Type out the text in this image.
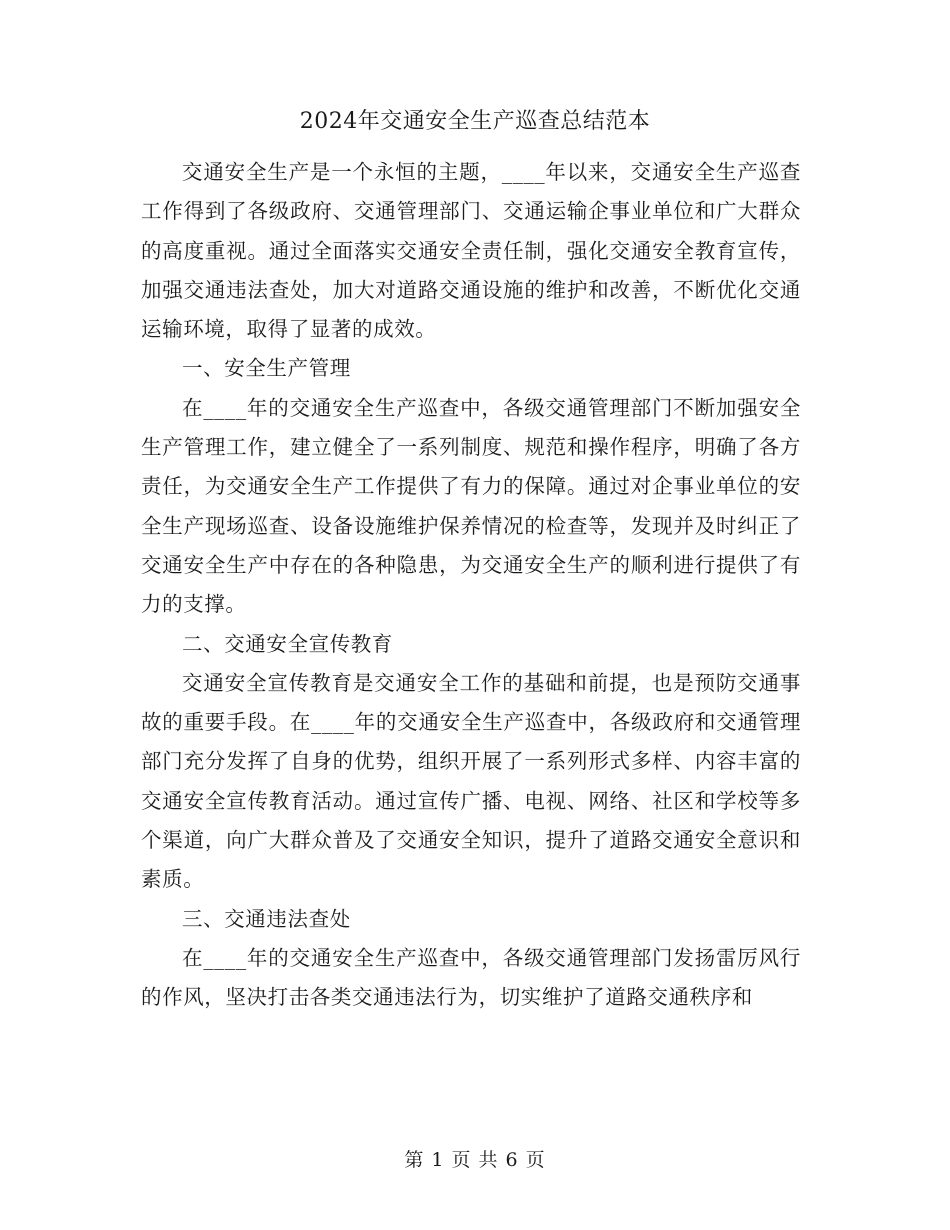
2024年交通安全生产巡查总结范本

交通安全生产是一个永恒的主题，____年以来，交通安全生产巡查工作得到了各级政府、交通管理部门、交通运输企事业单位和广大群众的高度重视。通过全面落实交通安全责任制，强化交通安全教育宣传，加强交通违法查处，加大对道路交通设施的维护和改善，不断优化交通运输环境，取得了显著的成效。

一、安全生产管理

在____年的交通安全生产巡查中，各级交通管理部门不断加强安全生产管理工作，建立健全了一系列制度、规范和操作程序，明确了各方责任，为交通安全生产工作提供了有力的保障。通过对企事业单位的安全生产现场巡查、设备设施维护保养情况的检查等，发现并及时纠正了交通安全生产中存在的各种隐患，为交通安全生产的顺利进行提供了有力的支撑。

二、交通安全宣传教育

交通安全宣传教育是交通安全工作的基础和前提，也是预防交通事故的重要手段。在____年的交通安全生产巡查中，各级政府和交通管理部门充分发挥了自身的优势，组织开展了一系列形式多样、内容丰富的交通安全宣传教育活动。通过宣传广播、电视、网络、社区和学校等多个渠道，向广大群众普及了交通安全知识，提升了道路交通安全意识和素质。

三、交通违法查处

在____年的交通安全生产巡查中，各级交通管理部门发扬雷厉风行的作风，坚决打击各类交通违法行为，切实维护了道路交通秩序和

第 1 页 共 6 页
